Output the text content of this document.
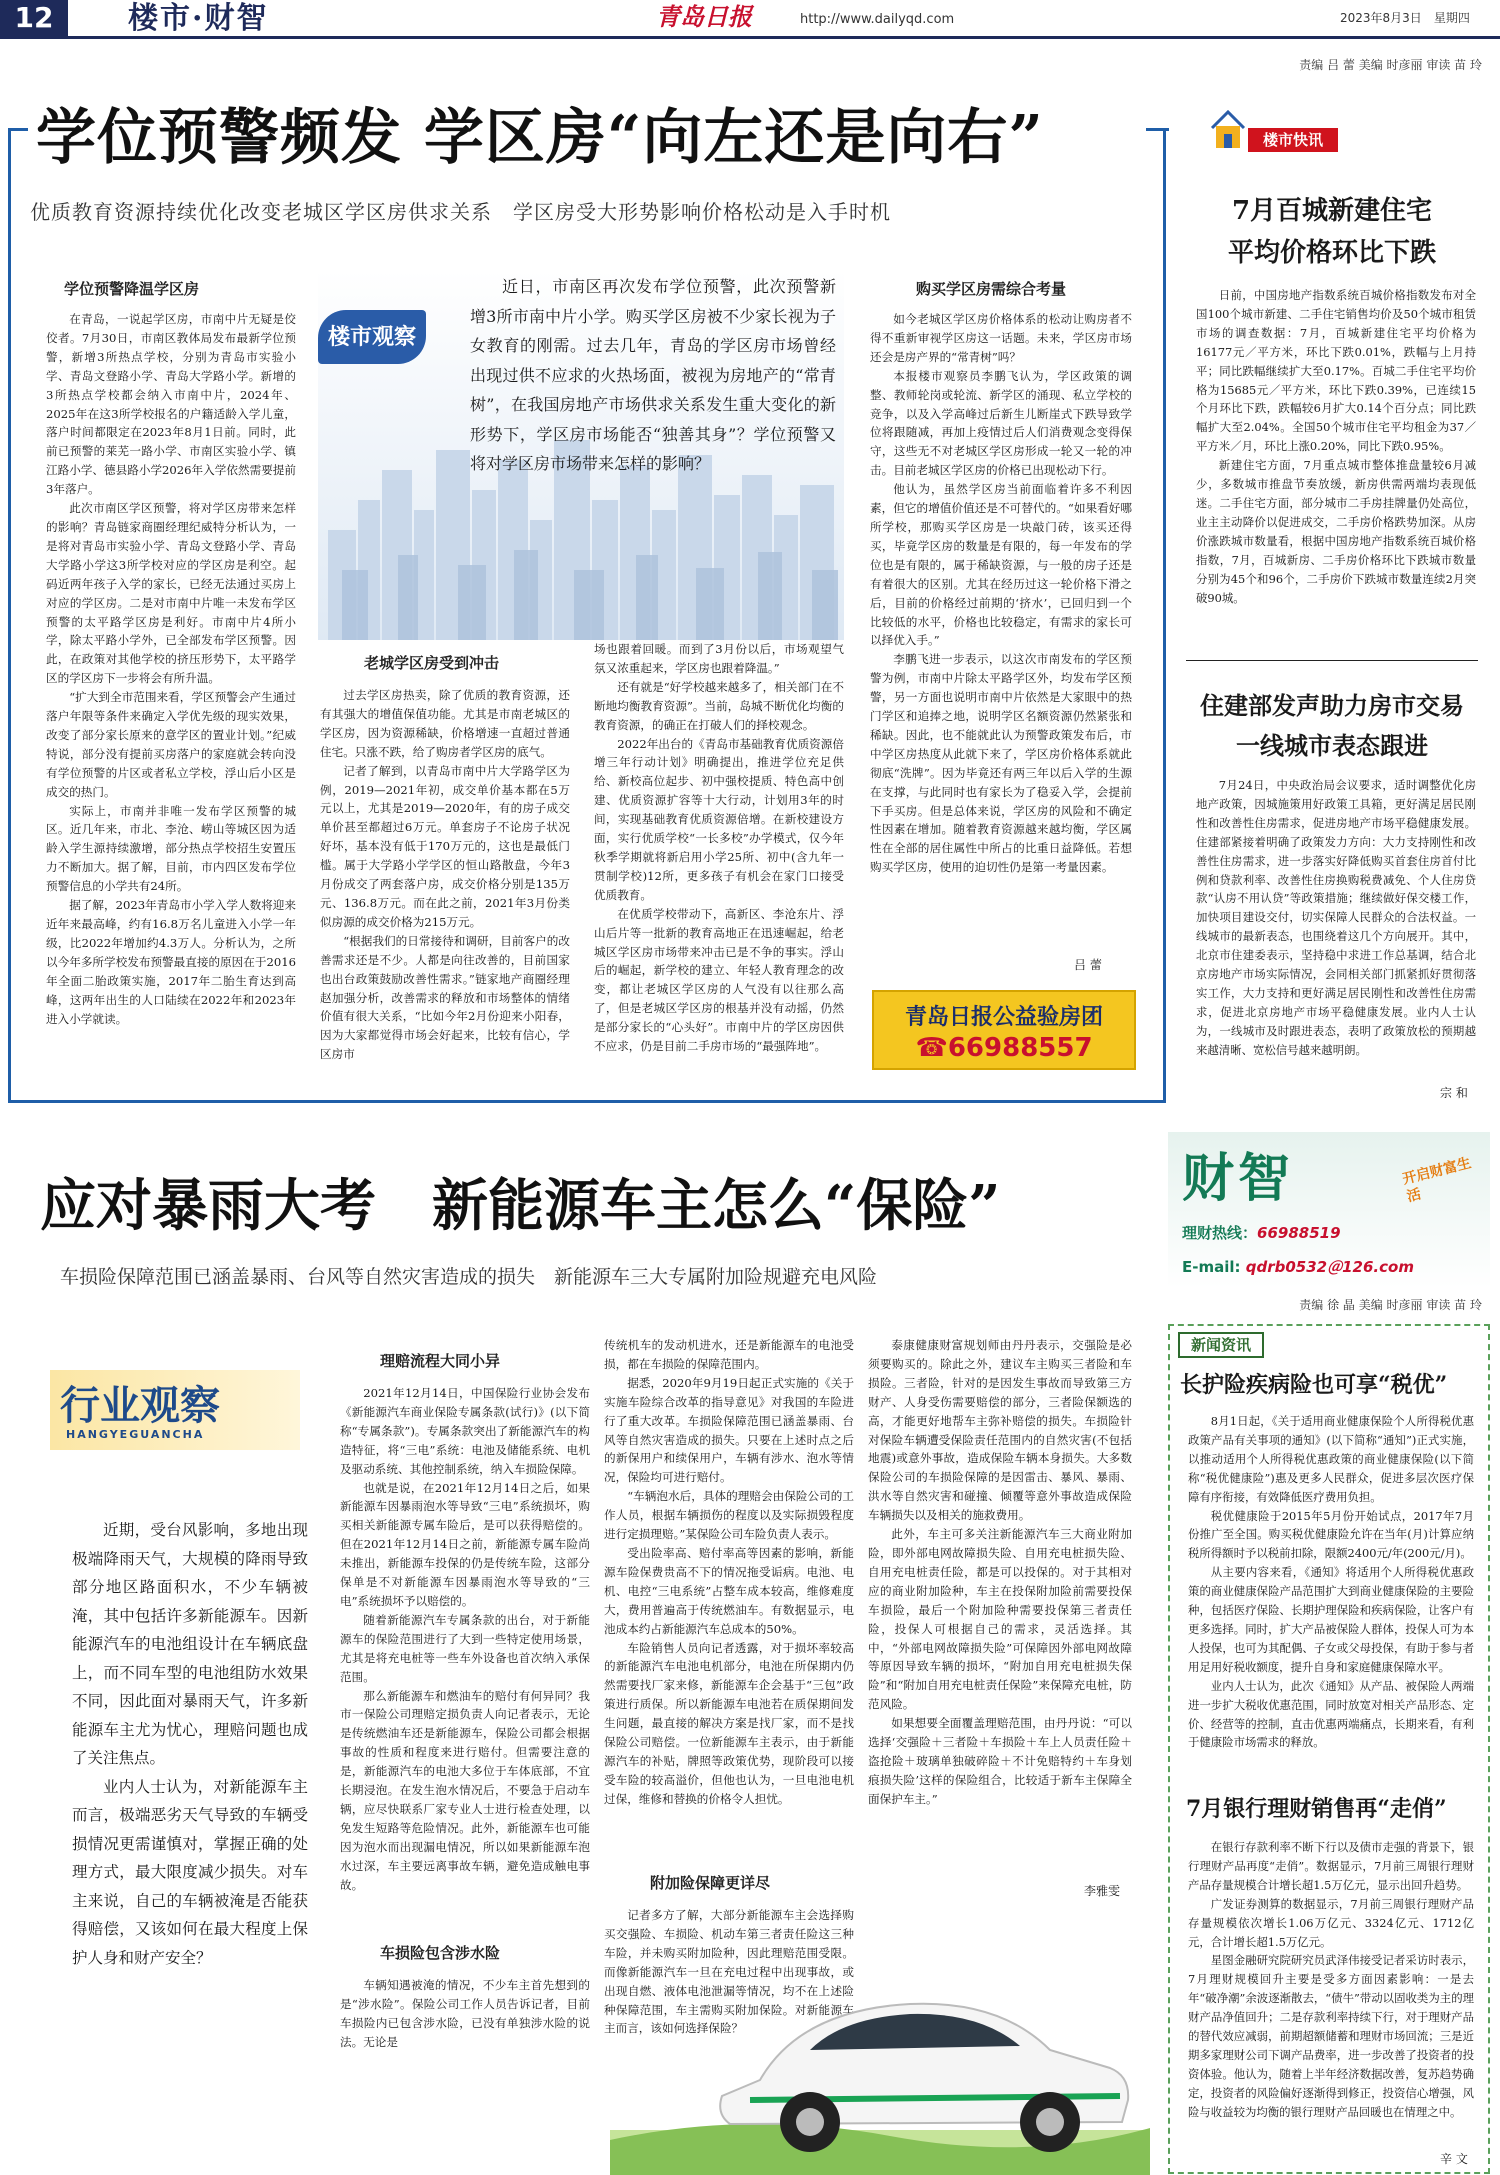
12	楼市·财智	青岛日报	http://www.dailyqd.com	2023年8月3日　 星期四
责编 吕 蕾 美编 时彦丽 审读 苗 玲
学位预警频发 学区房“向左还是向右”
优质教育资源持续优化改变老城区学区房供求关系　学区房受大形势影响价格松动是入手时机
学位预警降温学区房

在青岛，一说起学区房，市南中片无疑是佼佼者。7月30日，市南区教体局发布最新学位预警，新增3所热点学校，分别为青岛市实验小学、青岛文登路小学、青岛大学路小学。新增的3所热点学校都会纳入市南中片，2024年、2025年在这3所学校报名的户籍适龄入学儿童，落户时间都限定在2023年8月1日前。同时，此前已预警的莱芜一路小学、市南区实验小学、镇江路小学、德县路小学2026年入学依然需要提前3年落户。

此次市南区学区预警，将对学区房带来怎样的影响？青岛链家商圈经理纪威特分析认为，一是将对青岛市实验小学、青岛文登路小学、青岛大学路小学这3所学校对应的学区房是利空。起码近两年孩子入学的家长，已经无法通过买房上对应的学区房。二是对市南中片唯一未发布学区预警的太平路学区房是利好。市南中片4所小学，除太平路小学外，已全部发布学区预警。因此，在政策对其他学校的挤压形势下，太平路学区的学区房下一步将会有所升温。

“扩大到全市范围来看，学区预警会产生通过落户年限等条件来确定入学优先级的现实效果，改变了部分家长原来的意学区的置业计划。”纪威特说，部分没有提前买房落户的家庭就会转向没有学位预警的片区或者私立学校，浮山后小区是成交的热门。

实际上，市南并非唯一发布学区预警的城区。近几年来，市北、李沧、崂山等城区因为适龄入学生源持续激增，部分热点学校招生安置压力不断加大。据了解，目前，市内四区发布学位预警信息的小学共有24所。

据了解，2023年青岛市小学入学人数将迎来近年来最高峰，约有16.8万名儿童进入小学一年级，比2022年增加约4.3万人。分析认为，之所以今年多所学校发布预警最直接的原因在于2016年全面二胎政策实施，2017年二胎生育达到高峰，这两年出生的人口陆续在2022年和2023年进入小学就读。

楼市观察
近日，市南区再次发布学位预警，此次预警新增3所市南中片小学。购买学区房被不少家长视为子女教育的刚需。过去几年，青岛的学区房市场曾经出现过供不应求的火热场面，被视为房地产的“常青树”，在我国房地产市场供求关系发生重大变化的新形势下，学区房市场能否“独善其身”？学位预警又将对学区房市场带来怎样的影响？
老城学区房受到冲击

过去学区房热卖，除了优质的教育资源，还有其强大的增值保值功能。尤其是市南老城区的学区房，因为资源稀缺，价格增速一直超过普通住宅。只涨不跌，给了购房者学区房的底气。

记者了解到，以青岛市南中片大学路学区为例，2019—2021年初，成交单价基本都在5万元以上，尤其是2019—2020年，有的房子成交单价甚至都超过6万元。单套房子不论房子状况好坏，基本没有低于170万元的，这也是最低门槛。属于大学路小学学区的恒山路散盘，今年3月份成交了两套落户房，成交价格分别是135万元、136.8万元。而在此之前，2021年3月份类似房源的成交价格为215万元。

“根据我们的日常接待和调研，目前客户的改善需求还是不少。人都是向往改善的，目前国家也出台政策鼓励改善性需求。”链家地产商圈经理赵加强分析，改善需求的释放和市场整体的情绪价值有很大关系，“比如今年2月份迎来小阳春，因为大家都觉得市场会好起来，比较有信心，学区房市

场也跟着回暖。而到了3月份以后，市场观望气氛又浓重起来，学区房也跟着降温。”

还有就是“好学校越来越多了，相关部门在不断地均衡教育资源”。当前，岛城不断优化均衡的教育资源，的确正在打破人们的择校观念。

2022年出台的《青岛市基础教育优质资源倍增三年行动计划》明确提出，推进学位充足供给、新校高位起步、初中强校提质、特色高中创建、优质资源扩容等十大行动，计划用3年的时间，实现基础教育优质资源倍增。在新校建设方面，实行优质学校“一长多校”办学模式，仅今年秋季学期就将新启用小学25所、初中(含九年一贯制学校)12所，更多孩子有机会在家门口接受优质教育。

在优质学校带动下，高新区、李沧东片、浮山后片等一批新的教育高地正在迅速崛起，给老城区学区房市场带来冲击已是不争的事实。浮山后的崛起，新学校的建立、年轻人教育理念的改变，都让老城区学区房的人气没有以往那么高了，但是老城区学区房的根基并没有动摇，仍然是部分家长的“心头好”。市南中片的学区房因供不应求，仍是目前二手房市场的“最强阵地”。

购买学区房需综合考量

如今老城区学区房价格体系的松动让购房者不得不重新审视学区房这一话题。未来，学区房市场还会是房产界的“常青树”吗？

本报楼市观察员李鹏飞认为，学区政策的调整、教师轮岗或轮流、新学区的涌现、私立学校的竞争，以及入学高峰过后新生儿断崖式下跌导致学位将跟随减，再加上疫情过后人们消费观念变得保守，这些无不对老城区学区房形成一轮又一轮的冲击。目前老城区学区房的价格已出现松动下行。

他认为，虽然学区房当前面临着许多不利因素，但它的增值价值还是不可替代的。“如果看好哪所学校，那购买学区房是一块敲门砖，该买还得买，毕竟学区房的数量是有限的，每一年发布的学位也是有限的，属于稀缺资源，与一般的房子还是有着很大的区别。尤其在经历过这一轮价格下滑之后，目前的价格经过前期的‘挤水’，已回归到一个比较低的水平，价格也比较稳定，有需求的家长可以择优入手。”

李鹏飞进一步表示，以这次市南发布的学区预警为例，市南中片除太平路学区外，均发布学区预警，另一方面也说明市南中片依然是大家眼中的热门学区和追捧之地，说明学区名额资源仍然紧张和稀缺。因此，也不能就此认为预警政策发布后，市中学区房热度从此就下来了，学区房价格体系就此彻底“洗牌”。因为毕竟还有两三年以后入学的生源在支撑，与此同时也有家长为了稳妥入学，会提前下手买房。但是总体来说，学区房的风险和不确定性因素在增加。随着教育资源越来越均衡，学区属性在全部的居住属性中所占的比重日益降低。若想购买学区房，使用的迫切性仍是第一考量因素。

吕 蕾
青岛日报公益验房团
☎66988557
楼市快讯
7月百城新建住宅
平均价格环比下跌

日前，中国房地产指数系统百城价格指数发布对全国100个城市新建、二手住宅销售均价及50个城市租赁市场的调查数据：7月，百城新建住宅平均价格为16177元／平方米，环比下跌0.01%，跌幅与上月持平；同比跌幅继续扩大至0.17%。百城二手住宅平均价格为15685元／平方米，环比下跌0.39%，已连续15个月环比下跌，跌幅较6月扩大0.14个百分点；同比跌幅扩大至2.04%。全国50个城市住宅平均租金为37／平方米／月，环比上涨0.20%，同比下跌0.95%。

新建住宅方面，7月重点城市整体推盘量较6月减少，多数城市推盘节奏放缓，新房供需两端均表现低迷。二手住宅方面，部分城市二手房挂牌量仍处高位，业主主动降价以促进成交，二手房价格跌势加深。从房价涨跌城市数量看，根据中国房地产指数系统百城价格指数，7月，百城新房、二手房价格环比下跌城市数量分别为45个和96个，二手房价下跌城市数量连续2月突破90城。

住建部发声助力房市交易
一线城市表态跟进

7月24日，中央政治局会议要求，适时调整优化房地产政策，因城施策用好政策工具箱，更好满足居民刚性和改善性住房需求，促进房地产市场平稳健康发展。住建部紧接着明确了政策发力方向：大力支持刚性和改善性住房需求，进一步落实好降低购买首套住房首付比例和贷款利率、改善性住房换购税费减免、个人住房贷款“认房不用认贷”等政策措施；继续做好保交楼工作，加快项目建设交付，切实保障人民群众的合法权益。一线城市的最新表态，也围绕着这几个方向展开。其中，北京市住建委表示，坚持稳中求进工作总基调，结合北京房地产市场实际情况，会同相关部门抓紧抓好贯彻落实工作，大力支持和更好满足居民刚性和改善性住房需求，促进北京房地产市场平稳健康发展。业内人士认为，一线城市及时跟进表态，表明了政策放松的预期越来越清晰、宽松信号越来越明朗。

宗 和
财智	开启财富生活
理财热线：66988519
E-mail: qdrb0532＠126.com
责编 徐 晶 美编 时彦丽 审读 苗 玲
应对暴雨大考　新能源车主怎么“保险”
车损险保障范围已涵盖暴雨、台风等自然灾害造成的损失　新能源车三大专属附加险规避充电风险
行业观察
HANGYEGUANCHA

近期，受台风影响，多地出现极端降雨天气，大规模的降雨导致部分地区路面积水，不少车辆被淹，其中包括许多新能源车。因新能源汽车的电池组设计在车辆底盘上，而不同车型的电池组防水效果不同，因此面对暴雨天气，许多新能源车主尤为忧心，理赔问题也成了关注焦点。

业内人士认为，对新能源车主而言，极端恶劣天气导致的车辆受损情况更需谨慎对，掌握正确的处理方式，最大限度减少损失。对车主来说，自己的车辆被淹是否能获得赔偿，又该如何在最大程度上保护人身和财产安全？

理赔流程大同小异

2021年12月14日，中国保险行业协会发布《新能源汽车商业保险专属条款(试行)》(以下简称“专属条款”)。专属条款突出了新能源汽车的构造特征，将“三电”系统：电池及储能系统、电机及驱动系统、其他控制系统，纳入车损险保障。

也就是说，在2021年12月14日之后，如果新能源车因暴雨泡水等导致“三电”系统损坏，购买相关新能源专属车险后，是可以获得赔偿的。但在2021年12月14日之前，新能源专属车险尚未推出，新能源车投保的仍是传统车险，这部分保单是不对新能源车因暴雨泡水等导致的“三电”系统损坏予以赔偿的。

随着新能源汽车专属条款的出台，对于新能源车的保险范围进行了大到一些特定使用场景，尤其是将充电桩等一些车外设备也首次纳入承保范围。

那么新能源车和燃油车的赔付有何异同？我市一保险公司理赔定损负责人向记者表示，无论是传统燃油车还是新能源车，保险公司都会根据事故的性质和程度来进行赔付。但需要注意的是，新能源汽车的电池大多位于车体底部，不宜长期浸泡。在发生泡水情况后，不要急于启动车辆，应尽快联系厂家专业人士进行检查处理，以免发生短路等危险情况。此外，新能源车也可能因为泡水而出现漏电情况，所以如果新能源车泡水过深，车主要远离事故车辆，避免造成触电事故。

车损险包含涉水险

车辆知遇被淹的情况，不少车主首先想到的是“涉水险”。保险公司工作人员告诉记者，目前车损险内已包含涉水险，已没有单独涉水险的说法。无论是

传统机车的发动机进水，还是新能源车的电池受损，都在车损险的保障范围内。

据悉，2020年9月19日起正式实施的《关于实施车险综合改革的指导意见》对我国的车险进行了重大改革。车损险保障范围已涵盖暴雨、台风等自然灾害造成的损失。只要在上述时点之后的新保用户和续保用户，车辆有涉水、泡水等情况，保险均可进行赔付。

“车辆泡水后，具体的理赔会由保险公司的工作人员，根据车辆损伤的程度以及实际损毁程度进行定损理赔。”某保险公司车险负责人表示。

受出险率高、赔付率高等因素的影响，新能源车险保费贵高不下的情况拖受诟病。电池、电机、电控“三电系统”占整车成本较高，维修难度大，费用普遍高于传统燃油车。有数据显示，电池成本约占新能源汽车总成本的50%。

车险销售人员向记者透露，对于损坏率较高的新能源汽车电池电机部分，电池在所保期内仍然需要找厂家来修，新能源车企会基于“三包”政策进行质保。所以新能源车电池若在质保期间发生问题，最直接的解决方案是找厂家，而不是找保险公司赔偿。一位新能源车主表示，由于新能源汽车的补贴，牌照等政策优势，现阶段可以接受车险的较高溢价，但他也认为，一旦电池电机过保，维修和替换的价格令人担忧。

附加险保障更详尽

记者多方了解，大部分新能源车主会选择购买交强险、车损险、机动车第三者责任险这三种车险，并未购买附加险种，因此理赔范围受限。而像新能源汽车一旦在充电过程中出现事故，或出现自燃、液体电池泄漏等情况，均不在上述险种保障范围，车主需购买附加保险。对新能源车主而言，该如何选择保险？

泰康健康财富规划师由丹丹表示，交强险是必须要购买的。除此之外，建议车主购买三者险和车损险。三者险，针对的是因发生事故而导致第三方财产、人身受伤需要赔偿的部分，三者险保额选的高，才能更好地帮车主弥补赔偿的损失。车损险针对保险车辆遭受保险责任范围内的自然灾害(不包括地震)或意外事故，造成保险车辆本身损失。大多数保险公司的车损险保障的是因雷击、暴风、暴雨、洪水等自然灾害和碰撞、倾覆等意外事故造成保险车辆损失以及相关的施救费用。

此外，车主可多关注新能源汽车三大商业附加险，即外部电网故障损失险、自用充电桩损失险、自用充电桩责任险，都是可以投保的。对于其相对应的商业附加险种，车主在投保附加险前需要投保车损险，最后一个附加险种需要投保第三者责任险，投保人可根据自己的需求，灵活选择。其中，“外部电网故障损失险”可保障因外部电网故障等原因导致车辆的损坏，“附加自用充电桩损失保险”和“附加自用充电桩责任保险”来保障充电桩，防范风险。

如果想要全面覆盖理赔范围，由丹丹说：“可以选择‘交强险＋三者险＋车损险＋车上人员责任险＋盗抢险＋玻璃单独破碎险＋不计免赔特约＋车身划痕损失险’这样的保险组合，比较适于新车主保障全面保护车主。”

李雅雯
新闻资讯
长护险疾病险也可享“税优”

8月1日起，《关于适用商业健康保险个人所得税优惠政策产品有关事项的通知》(以下简称“通知”)正式实施，以推动适用个人所得税优惠政策的商业健康保险(以下简称“税优健康险”)惠及更多人民群众，促进多层次医疗保障有序衔接，有效降低医疗费用负担。

税优健康险于2015年5月份开始试点，2017年7月份推广至全国。购买税优健康险允许在当年(月)计算应纳税所得额时予以税前扣除，限额2400元/年(200元/月)。

从主要内容来看，《通知》将适用个人所得税优惠政策的商业健康保险产品范围扩大到商业健康保险的主要险种，包括医疗保险、长期护理保险和疾病保险，让客户有更多选择。同时，扩大产品被保险人群体，投保人可为本人投保，也可为其配偶、子女或父母投保，有助于参与者用足用好税收额度，提升自身和家庭健康保障水平。

业内人士认为，此次《通知》从产品、被保险人两端进一步扩大税收优惠范围，同时放宽对相关产品形态、定价、经营等的控制，直击优惠两端痛点，长期来看，有利于健康险市场需求的释放。

7月银行理财销售再“走俏”

在银行存款利率不断下行以及债市走强的背景下，银行理财产品再度“走俏”。数据显示，7月前三周银行理财产品存量规模合计增长超1.5万亿元，显示出回升趋势。

广发证券测算的数据显示，7月前三周银行理财产品存量规模依次增长1.06万亿元、3324亿元、1712亿元，合计增长超1.5万亿元。

星图金融研究院研究员武泽伟接受记者采访时表示，7月理财规模回升主要是受多方面因素影响：一是去年“破净潮”余波逐渐散去，“债牛”带动以固收类为主的理财产品净值回升；二是存款利率持续下行，对于理财产品的替代效应减弱，前期超额储蓄和理财市场回流；三是近期多家理财公司下调产品费率，进一步改善了投资者的投资体验。他认为，随着上半年经济数据改善，复苏趋势确定，投资者的风险偏好逐渐得到修正，投资信心增强，风险与收益较为均衡的银行理财产品回暖也在情理之中。

辛 文
